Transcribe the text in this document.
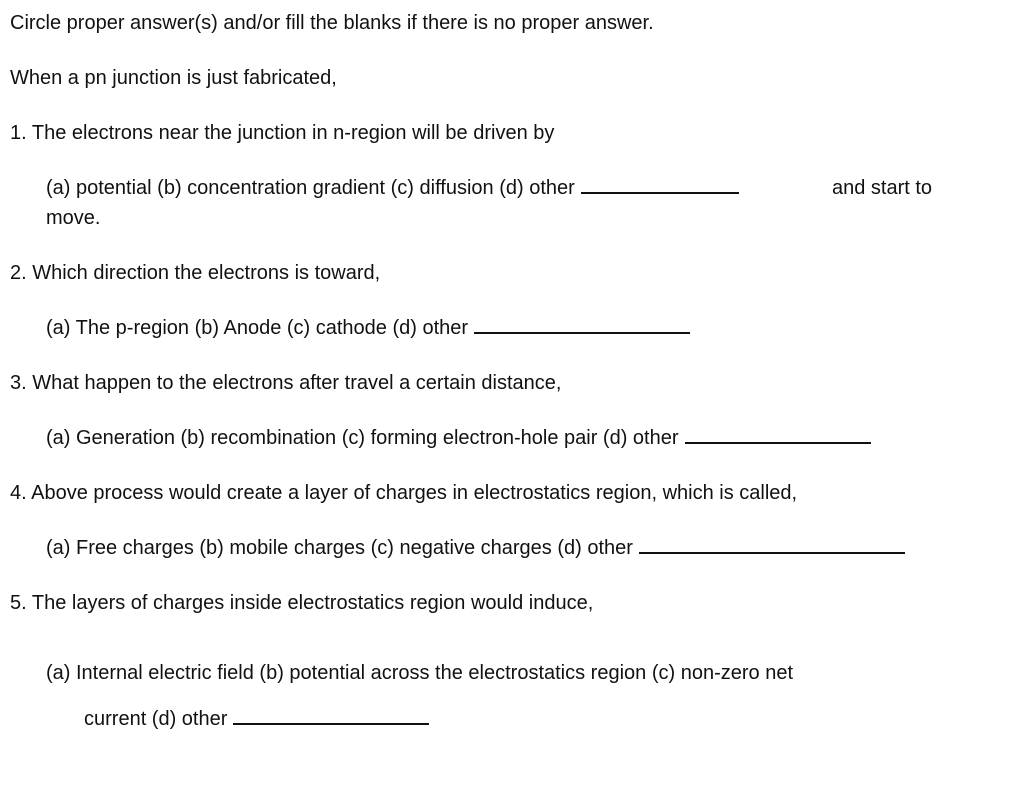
Circle proper answer(s) and/or fill the blanks if there is no proper answer.
When a pn junction is just fabricated,
1. The electrons near the junction in n-region will be driven by
(a) potential (b) concentration gradient (c) diffusion (d) other	and start to
move.
2. Which direction the electrons is toward,
(a) The p-region (b) Anode (c) cathode (d) other
3. What happen to the electrons after travel a certain distance,
(a) Generation (b) recombination (c) forming electron-hole pair (d) other
4. Above process would create a layer of charges in electrostatics region, which is called,
(a) Free charges (b) mobile charges (c) negative charges (d) other
5. The layers of charges inside electrostatics region would induce,
(a) Internal electric field (b) potential across the electrostatics region (c) non-zero net
current (d) other
